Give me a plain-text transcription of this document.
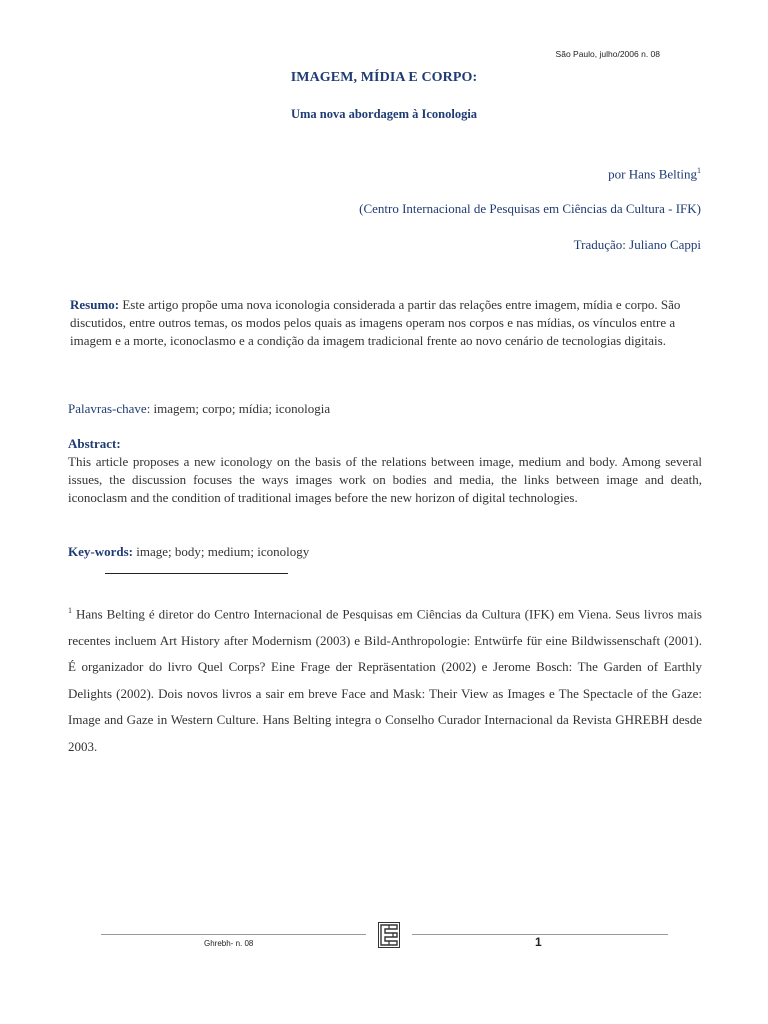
São Paulo, julho/2006 n. 08
IMAGEM, MÍDIA E CORPO:
Uma nova abordagem à Iconologia
por Hans Belting$^1$
(Centro Internacional de Pesquisas em Ciências da Cultura - IFK)
Tradução: Juliano Cappi
Resumo: Este artigo propõe uma nova iconologia considerada a partir das relações entre imagem, mídia e corpo. São discutidos, entre outros temas, os modos pelos quais as imagens operam nos corpos e nas mídias, os vínculos entre a imagem e a morte, iconoclasmo e a condição da imagem tradicional frente ao novo cenário de tecnologias digitais.
Palavras-chave: imagem; corpo; mídia; iconologia
Abstract:
This article proposes a new iconology on the basis of the relations between image, medium and body. Among several issues, the discussion focuses the ways images work on bodies and media, the links between image and death, iconoclasm and the condition of traditional images before the new horizon of digital technologies.
Key-words: image; body; medium; iconology
$^1$ Hans Belting é diretor do Centro Internacional de Pesquisas em Ciências da Cultura (IFK) em Viena. Seus livros mais recentes incluem Art History after Modernism (2003) e Bild-Anthropologie: Entwürfe für eine Bildwissenschaft (2001). É organizador do livro Quel Corps? Eine Frage der Repräsentation (2002) e Jerome Bosch: The Garden of Earthly Delights (2002). Dois novos livros a sair em breve Face and Mask: Their View as Images e The Spectacle of the Gaze: Image and Gaze in Western Culture. Hans Belting integra o Conselho Curador Internacional da Revista GHREBH desde 2003.
Ghrebh- n. 08	1
